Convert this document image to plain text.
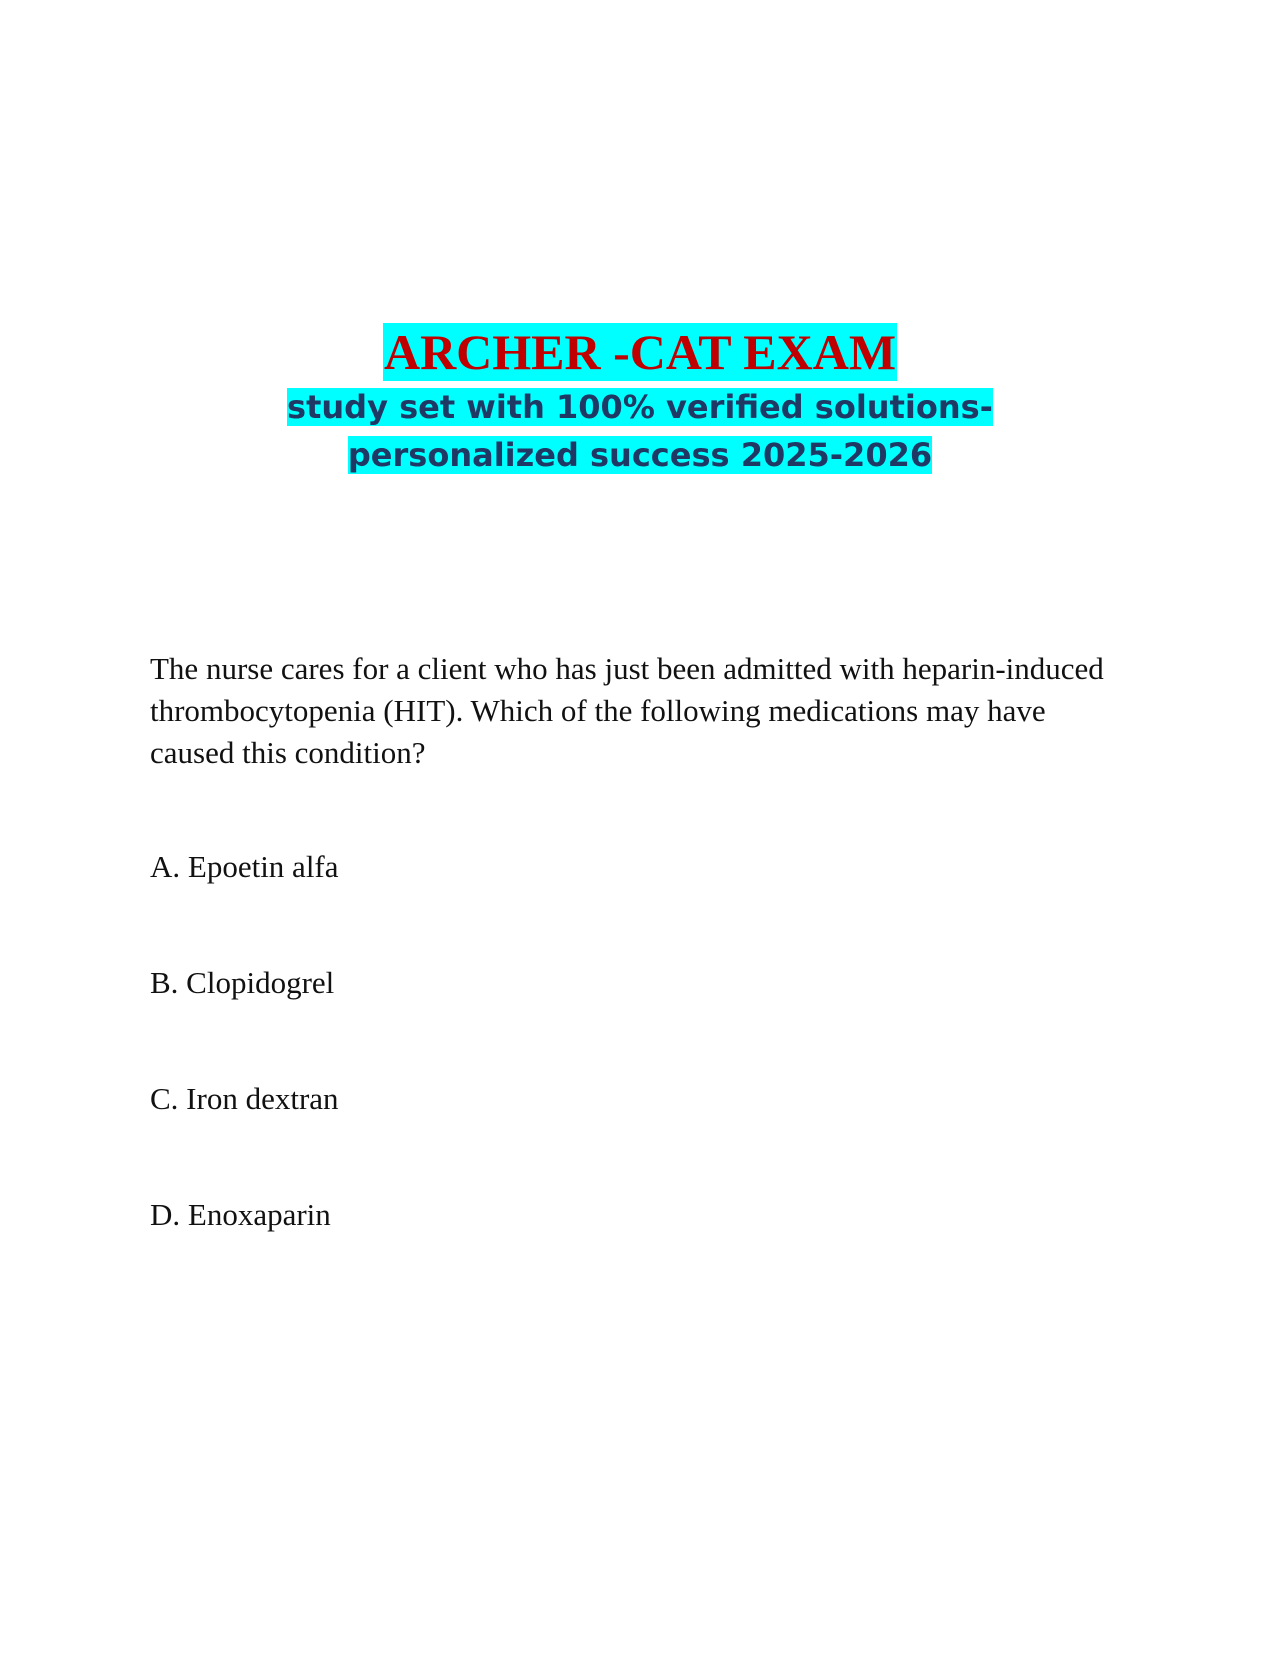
ARCHER -CAT EXAM
study set with 100% verified solutions-personalized success 2025-2026

The nurse cares for a client who has just been admitted with heparin-induced thrombocytopenia (HIT). Which of the following medications may have caused this condition?

A. Epoetin alfa

B. Clopidogrel

C. Iron dextran

D. Enoxaparin
